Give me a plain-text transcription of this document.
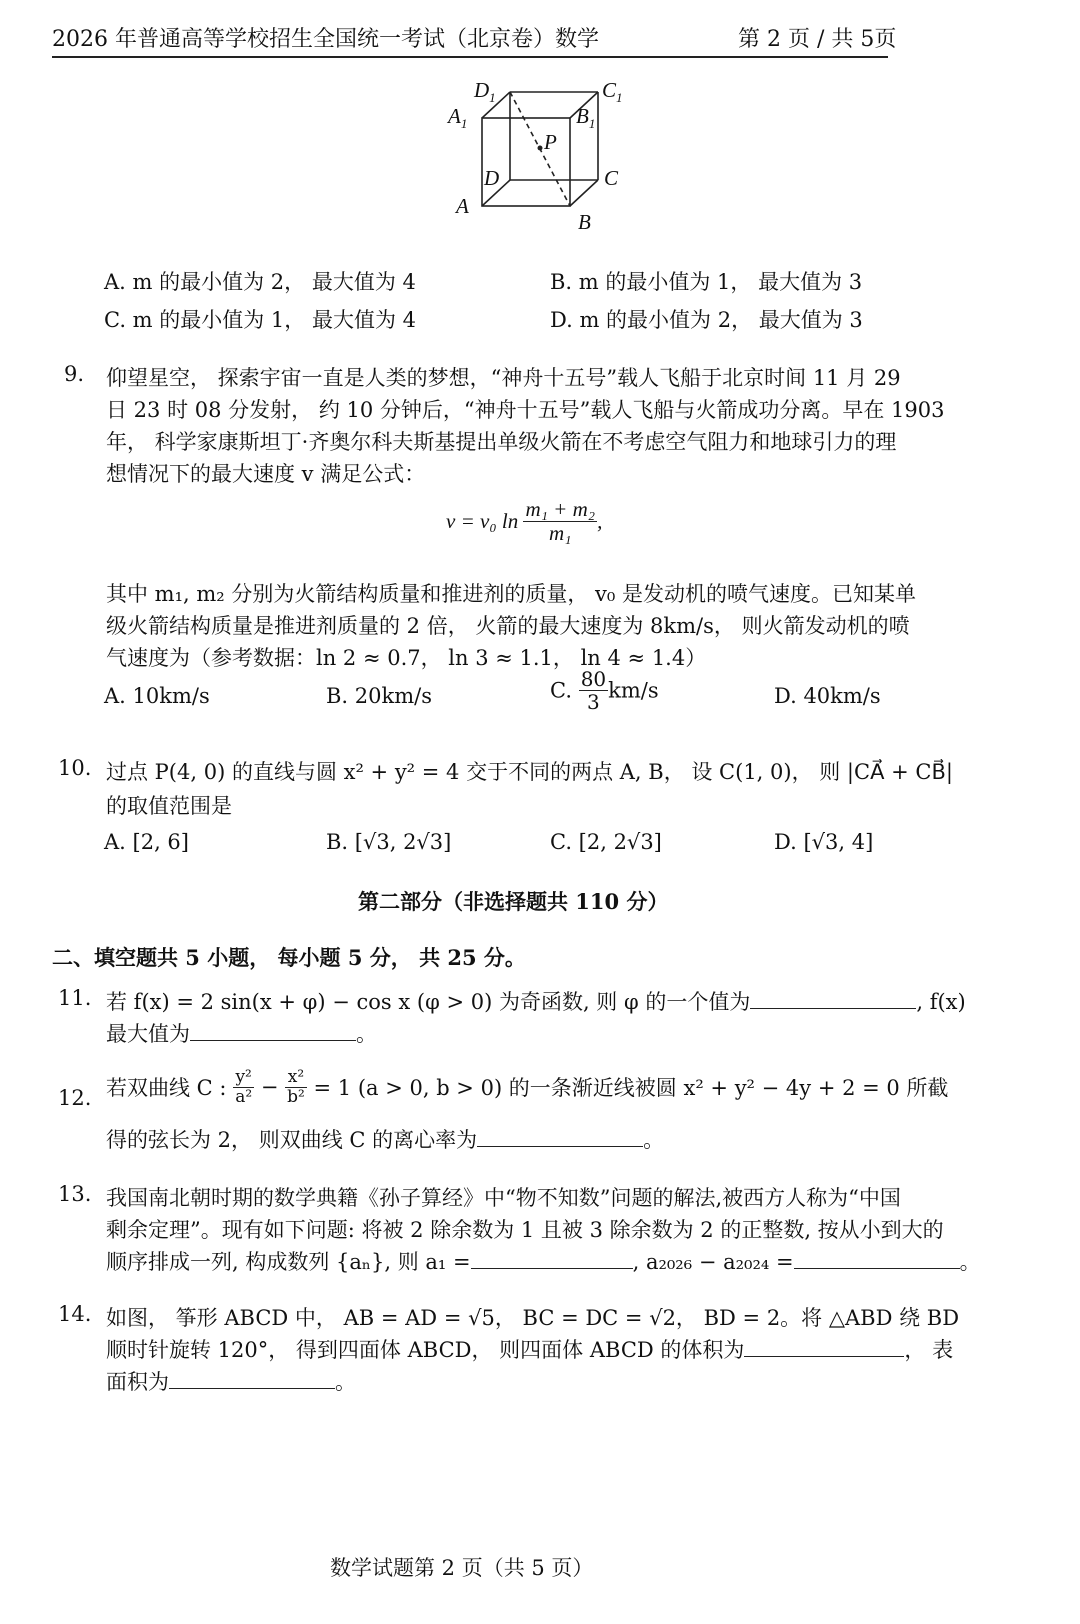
2026 年普通高等学校招生全国统一考试（北京卷）数学	第 2 页 / 共 5页
$D_1$	$C_1$
$A_1$	$B_1$
P
D	C
A
B
A. m 的最小值为 2， 最大值为 4	B. m 的最小值为 1， 最大值为 3
C. m 的最小值为 1， 最大值为 4	D. m 的最小值为 2， 最大值为 3
9. 仰望星空， 探索宇宙一直是人类的梦想，“神舟十五号”载人飞船于北京时间 11 月 29
日 23 时 08 分发射， 约 10 分钟后，“神舟十五号”载人飞船与火箭成功分离。早在 1903
年， 科学家康斯坦丁·齐奥尔科夫斯基提出单级火箭在不考虑空气阻力和地球引力的理
想情况下的最大速度 v 满足公式：
v = v₀ $\ln \frac{\text{m₁ + m₂}}{\text{m₁}}$ ,
其中 m₁, m₂ 分别为火箭结构质量和推进剂的质量， v₀ 是发动机的喷气速度。已知某单
级火箭结构质量是推进剂质量的 2 倍， 火箭的最大速度为 8km/s， 则火箭发动机的喷
气速度为（参考数据：ln 2 ≈ 0.7， ln 3 ≈ 1.1， ln 4 ≈ 1.4）
A. 10km/s	B. 20km/s	C. $\frac{80}{3} km/s$	D. 40km/s
10. 过点 P(4, 0) 的直线与圆 x² + y² = 4 交于不同的两点 A, B， 设 C(1, 0)， 则 |CA⃗ + CB⃗|
的取值范围是
A. [2, 6]	B. [√3, 2√3]	C. [2, 2√3]	D. [√3, 4]
第二部分（非选择题共 110 分）
二、填空题共 5 小题， 每小题 5 分， 共 25 分。
11. 若 f(x) = 2 sin(x + φ) − cos x (φ > 0) 为奇函数, 则 φ 的一个值为	, f(x)
最大值为	。
12. 若双曲线 C : $\frac{\text{y²}}{\text{a²}} - \frac{\text{x²}}{\text{b²}} = 1$ (a > 0, b > 0) 的一条渐近线被圆 x² + y² − 4y + 2 = 0 所截
得的弦长为 2， 则双曲线 C 的离心率为	。
13. 我国南北朝时期的数学典籍《孙子算经》中“物不知数”问题的解法,被西方人称为“中国
剩余定理”。现有如下问题: 将被 2 除余数为 1 且被 3 除余数为 2 的正整数, 按从小到大的
顺序排成一列, 构成数列 {aₙ}, 则 a₁ =	, a₂₀₂₆ − a₂₀₂₄ =	。
14. 如图， 筝形 ABCD 中， AB = AD = √5， BC = DC = √2， BD = 2。将 △ABD 绕 BD
顺时针旋转 120°， 得到四面体 ABCD， 则四面体 ABCD 的体积为	， 表
面积为	。
数学试题第 2 页（共 5 页）
